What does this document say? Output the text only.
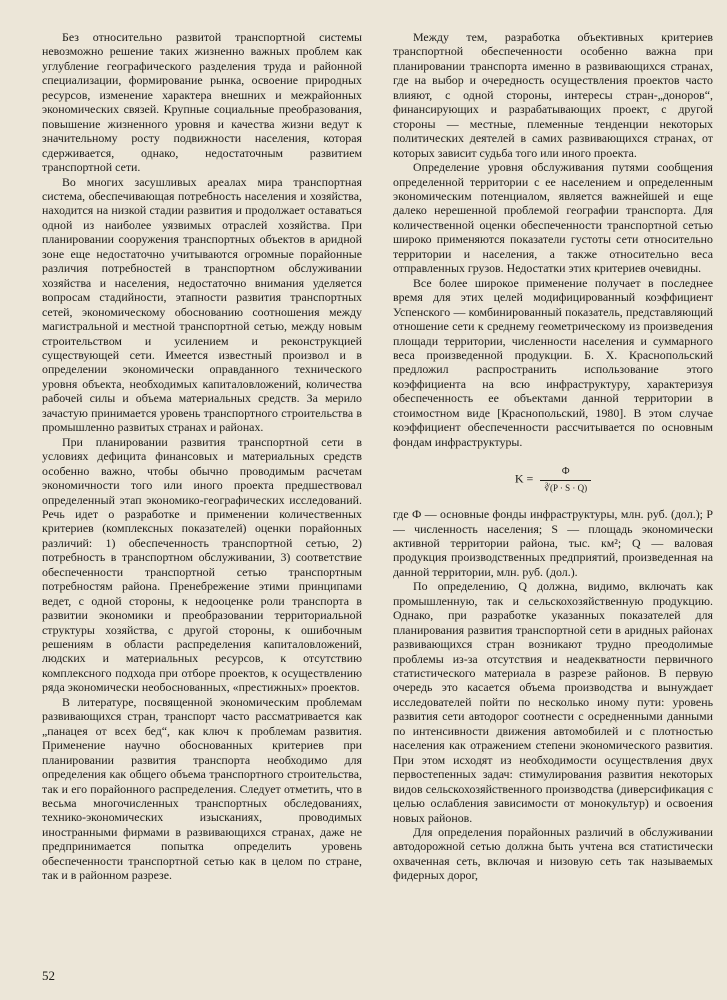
Без относительно развитой транспортной системы невозможно решение таких жизненно важных проблем как углубление географического разделения труда и районной специализации, формирование рынка, освоение природных ресурсов, изменение характера внешних и межрайонных экономических связей. Крупные социальные преобразования, повышение жизненного уровня и качества жизни ведут к значительному росту подвижности населения, которая сдерживается, однако, недостаточным развитием транспортной сети.

Во многих засушливых ареалах мира транспортная система, обеспечивающая потребность населения и хозяйства, находится на низкой стадии развития и продолжает оставаться одной из наиболее уязвимых отраслей хозяйства. При планировании сооружения транспортных объектов в аридной зоне еще недостаточно учитываются огромные порайонные различия потребностей в транспортном обслуживании хозяйства и населения, недостаточно внимания уделяется вопросам стадийности, этапности развития транспортных сетей, экономическому обоснованию соотношения между магистральной и местной транспортной сетью, между новым строительством и усилением и реконструкцией существующей сети. Имеется известный произвол и в определении экономически оправданного технического уровня объекта, необходимых капиталовложений, количества рабочей силы и объема материальных средств. За мерило зачастую принимается уровень транспортного строительства в промышленно развитых странах и районах.

При планировании развития транспортной сети в условиях дефицита финансовых и материальных средств особенно важно, чтобы обычно проводимым расчетам экономичности того или иного проекта предшествовал определенный этап экономико-географических исследований. Речь идет о разработке и применении количественных критериев (комплексных показателей) оценки порайонных различий: 1) обеспеченность транспортной сетью, 2) потребность в транспортном обслуживании, 3) соответствие обеспеченности транспортной сетью транспортным потребностям района. Пренебрежение этими принципами ведет, с одной стороны, к недооценке роли транспорта в развитии экономики и преобразовании территориальной структуры хозяйства, с другой стороны, к ошибочным решениям в области распределения капиталовложений, людских и материальных ресурсов, к отсутствию комплексного подхода при отборе проектов, к осуществлению ряда экономически необоснованных, «престижных» проектов.

В литературе, посвященной экономическим проблемам развивающихся стран, транспорт часто рассматривается как „панацея от всех бед“, как ключ к проблемам развития. Применение научно обоснованных критериев при планировании развития транспорта необходимо для определения как общего объема транспортного строительства, так и его порайонного распределения. Следует отметить, что в весьма многочисленных транспортных обследованиях, технико-экономических изысканиях, проводимых иностранными фирмами в развивающихся странах, даже не предпринимается попытка определить уровень обеспеченности транспортной сетью как в целом по стране, так и в районном разрезе.

Между тем, разработка объективных критериев транспортной обеспеченности особенно важна при планировании транспорта именно в развивающихся странах, где на выбор и очередность осуществления проектов часто влияют, с одной стороны, интересы стран-„доноров“, финансирующих и разрабатывающих проект, с другой стороны — местные, племенные тенденции некоторых политических деятелей в самих развивающихся странах, от которых зависит судьба того или иного проекта.

Определение уровня обслуживания путями сообщения определенной территории с ее населением и определенным экономическим потенциалом, является важнейшей и еще далеко нерешенной проблемой географии транспорта. Для количественной оценки обеспеченности транспортной сетью широко применяются показатели густоты сети относительно территории и населения, а также относительно веса отправленных грузов. Недостатки этих критериев очевидны.

Все более широкое применение получает в последнее время для этих целей модифицированный коэффициент Успенского — комбинированный показатель, представляющий отношение сети к среднему геометрическому из произведения площади территории, численности населения и суммарного веса произведенной продукции. Б. Х. Краснопольский предложил распространить использование этого коэффициента на всю инфраструктуру, характеризуя обеспеченность ее объектами данной территории в стоимостном виде [Краснопольский, 1980]. В этом случае коэффициент обеспеченности рассчитывается по основным фондам инфраструктуры.

$K = \frac{Ф}{∛(P \cdot S \cdot Q)}$

где Ф — основные фонды инфраструктуры, млн. руб. (дол.); P — численность населения; S — площадь экономически активной территории района, тыс. км²; Q — валовая продукция производственных предприятий, произведенная на данной территории, млн. руб. (дол.).

По определению, Q должна, видимо, включать как промышленную, так и сельскохозяйственную продукцию. Однако, при разработке указанных показателей для планирования развития транспортной сети в аридных районах развивающихся стран возникают трудно преодолимые проблемы из-за отсутствия и неадекватности первичного статистического материала в разрезе районов. В первую очередь это касается объема производства и вынуждает исследователей пойти по несколько иному пути: уровень развития сети автодорог соотнести с осредненными данными по интенсивности движения автомобилей и с плотностью населения как отражением степени экономического развития. При этом исходят из необходимости осуществления двух первостепенных задач: стимулирования развития некоторых видов сельскохозяйственного производства (диверсификация с целью ослабления зависимости от монокультур) и освоения новых районов.

Для определения порайонных различий в обслуживании автодорожной сетью должна быть учтена вся статистически охваченная сеть, включая и низовую сеть так называемых фидерных дорог,

52
